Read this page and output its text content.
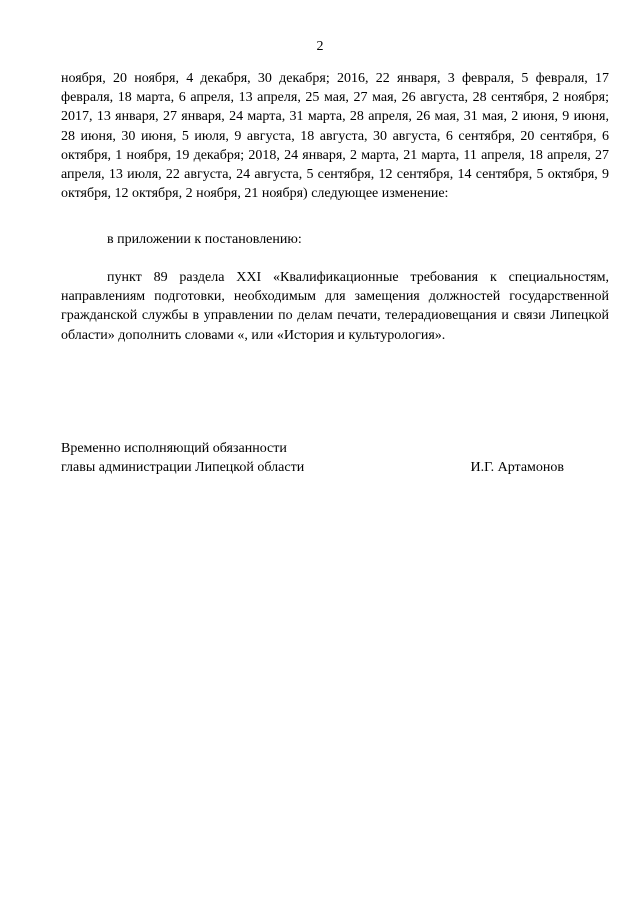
2
ноября, 20 ноября, 4 декабря, 30 декабря; 2016, 22 января, 3 февраля, 5 февраля, 17 февраля, 18 марта, 6 апреля, 13 апреля, 25 мая, 27 мая, 26 августа, 28 сентября, 2 ноября; 2017, 13 января, 27 января, 24 марта, 31 марта, 28 апреля, 26 мая, 31 мая, 2 июня, 9 июня, 28 июня, 30 июня, 5 июля, 9 августа, 18 августа, 30 августа, 6 сентября, 20 сентября, 6 октября, 1 ноября, 19 декабря; 2018, 24 января, 2 марта, 21 марта, 11 апреля, 18 апреля, 27 апреля, 13 июля, 22 августа, 24 августа, 5 сентября, 12 сентября, 14 сентября, 5 октября, 9 октября, 12 октября, 2 ноября, 21 ноября) следующее изменение:
в приложении к постановлению:
пункт 89 раздела XXI «Квалификационные требования к специальностям, направлениям подготовки, необходимым для замещения должностей государственной гражданской службы в управлении по делам печати, телерадиовещания и связи Липецкой области» дополнить словами «, или «История и культурология».
Временно исполняющий обязанности
главы администрации Липецкой области	И.Г. Артамонов
